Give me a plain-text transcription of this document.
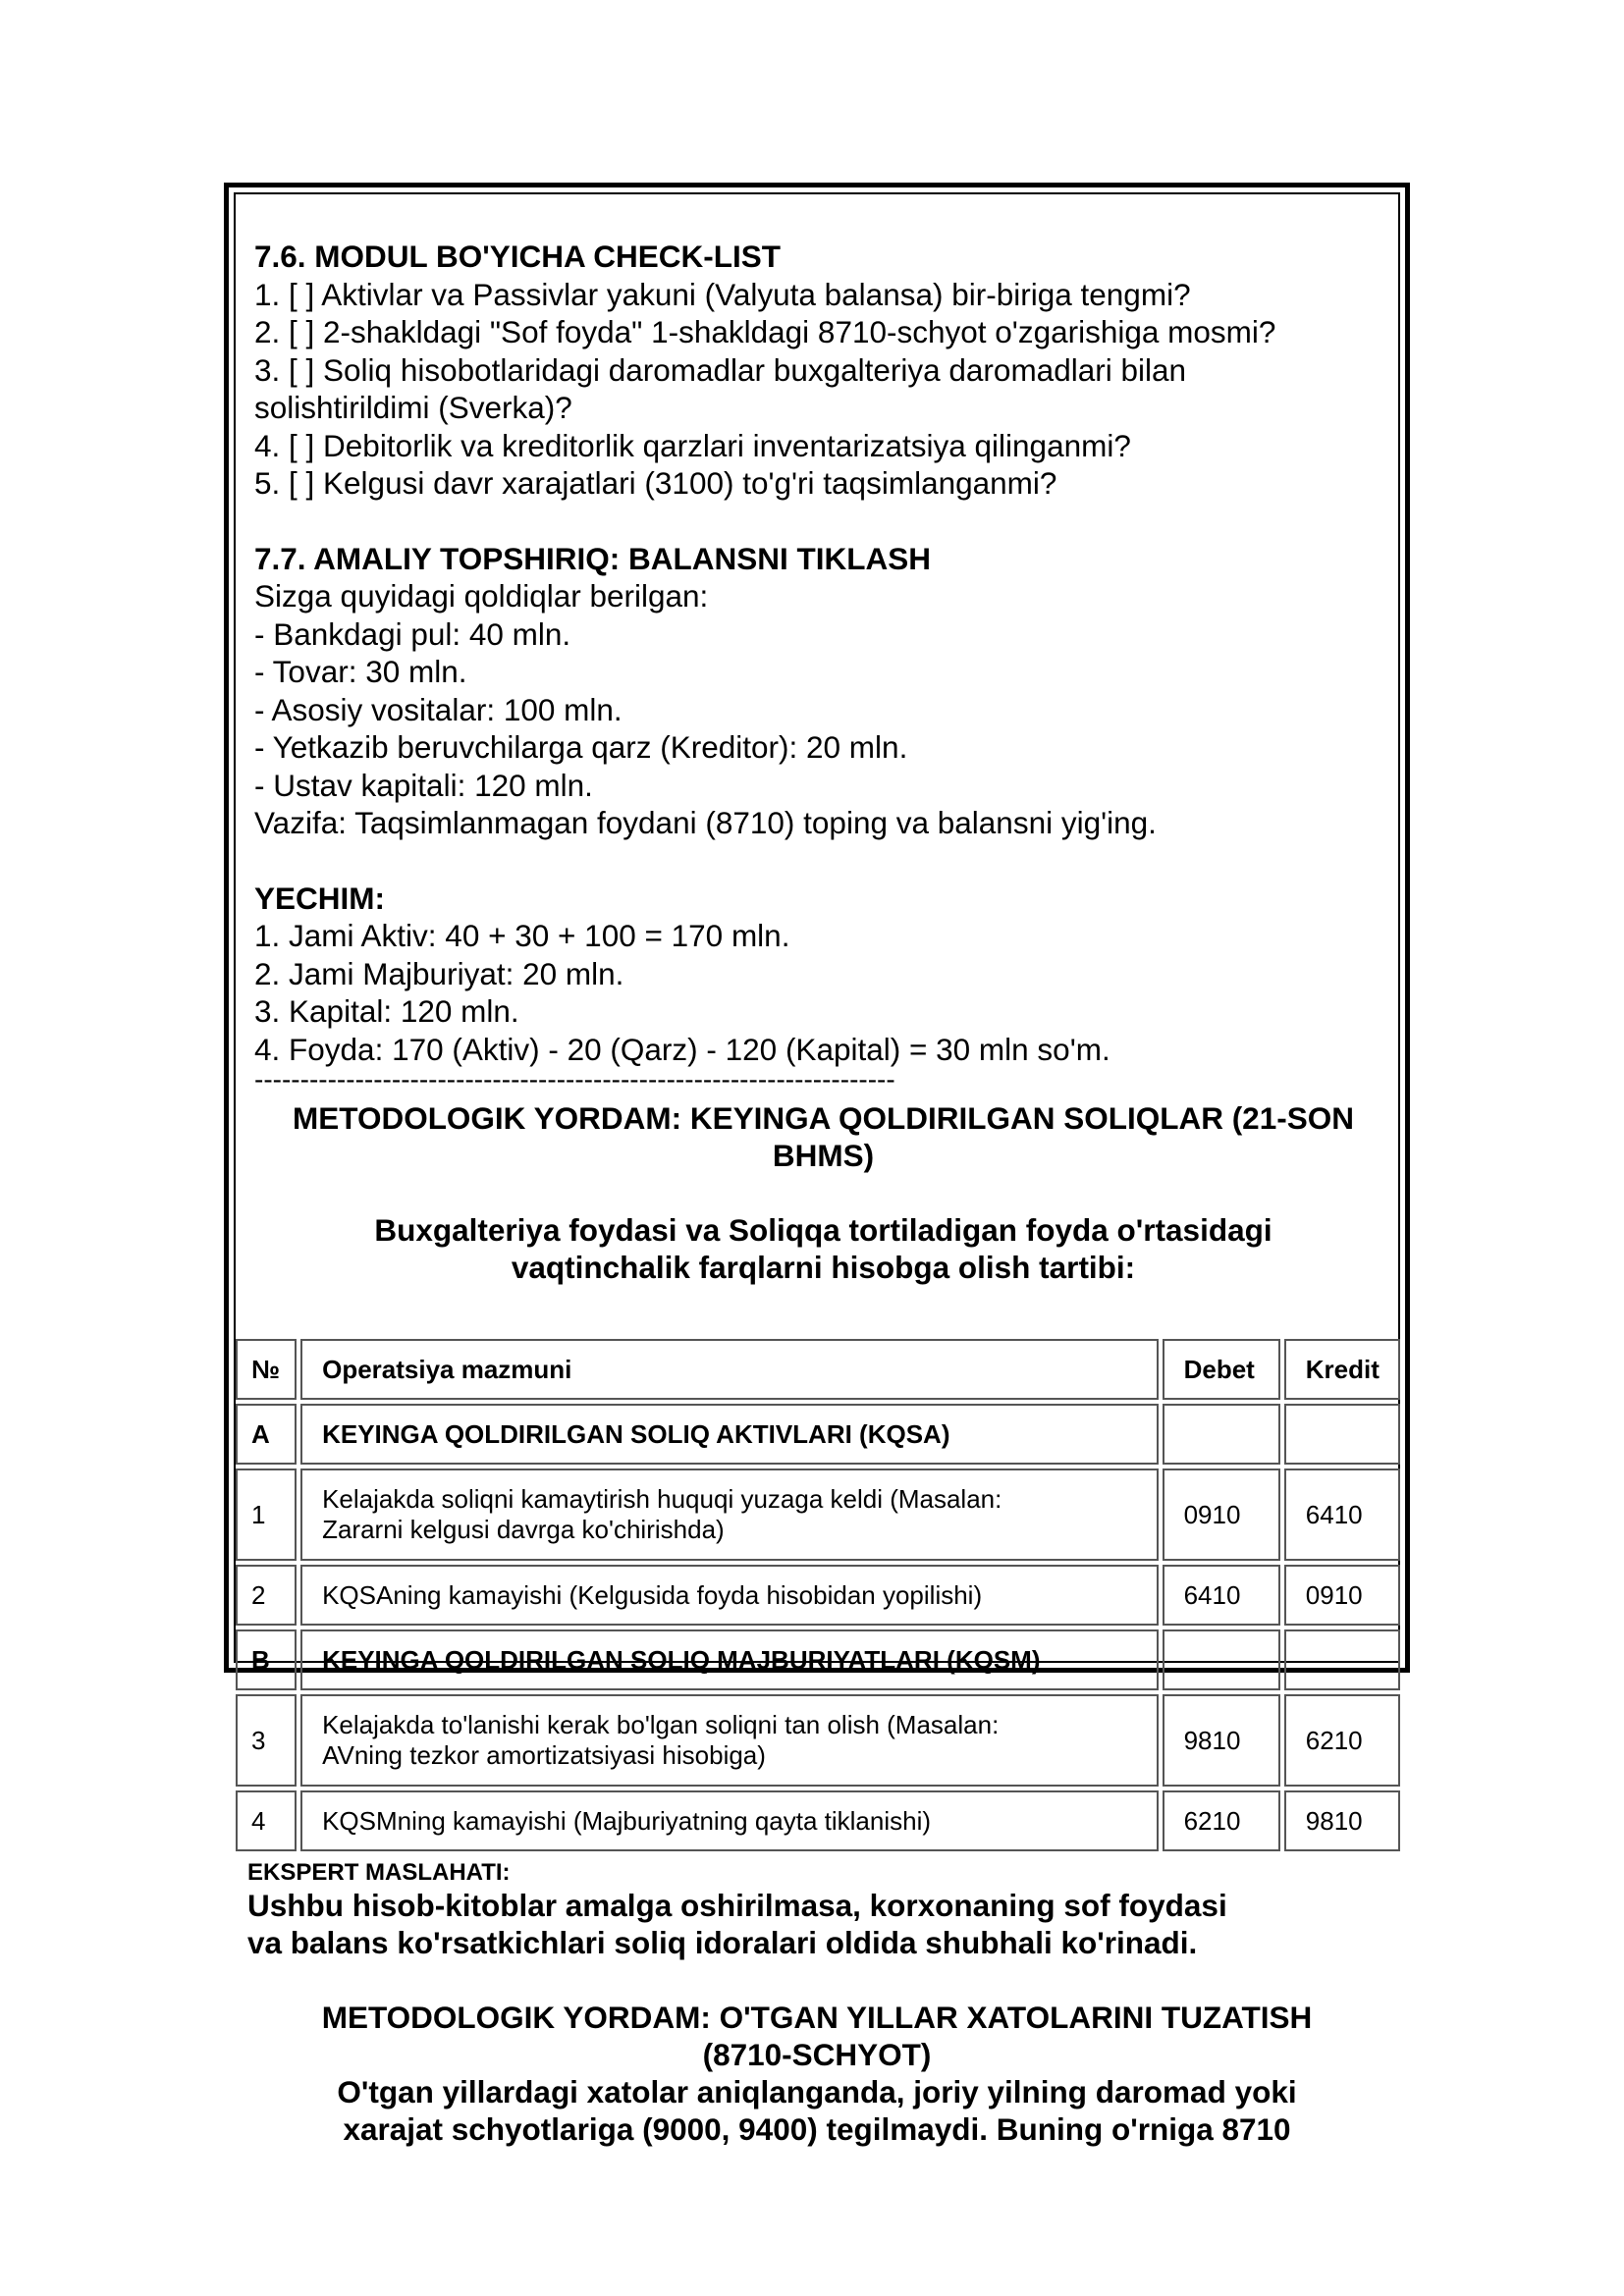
7.6. MODUL BO'YICHA CHECK-LIST
1. [ ] Aktivlar va Passivlar yakuni (Valyuta balansa) bir-biriga tengmi?
2. [ ] 2-shakldagi "Sof foyda" 1-shakldagi 8710-schyot o'zgarishiga mosmi?
3. [ ] Soliq hisobotlaridagi daromadlar buxgalteriya daromadlari bilan
solishtirildimi (Sverka)?
4. [ ] Debitorlik va kreditorlik qarzlari inventarizatsiya qilinganmi?
5. [ ] Kelgusi davr xarajatlari (3100) to'g'ri taqsimlanganmi?
7.7. AMALIY TOPSHIRIQ: BALANSNI TIKLASH
Sizga quyidagi qoldiqlar berilgan:
- Bankdagi pul: 40 mln.
- Tovar: 30 mln.
- Asosiy vositalar: 100 mln.
- Yetkazib beruvchilarga qarz (Kreditor): 20 mln.
- Ustav kapitali: 120 mln.
Vazifa: Taqsimlanmagan foydani (8710) toping va balansni yig'ing.
YECHIM:
1. Jami Aktiv: 40 + 30 + 100 = 170 mln.
2. Jami Majburiyat: 20 mln.
3. Kapital: 120 mln.
4. Foyda: 170 (Aktiv) - 20 (Qarz) - 120 (Kapital) = 30 mln so'm.
----------------------------------------------------------------------
METODOLOGIK YORDAM: KEYINGA QOLDIRILGAN SOLIQLAR (21-SON BHMS)
Buxgalteriya foydasi va Soliqqa tortiladigan foyda o'rtasidagi vaqtinchalik farqlarni hisobga olish tartibi:
№	Operatsiya mazmuni	Debet	Kredit
A	KEYINGA QOLDIRILGAN SOLIQ AKTIVLARI (KQSA)		
1	Kelajakda soliqni kamaytirish huquqi yuzaga keldi (Masalan:
Zararni kelgusi davrga ko'chirishda)	0910	6410
2	KQSAning kamayishi (Kelgusida foyda hisobidan yopilishi)	6410	0910
B	KEYINGA QOLDIRILGAN SOLIQ MAJBURIYATLARI (KQSM)		
3	Kelajakda to'lanishi kerak bo'lgan soliqni tan olish (Masalan:
AVning tezkor amortizatsiyasi hisobiga)	9810	6210
4	KQSMning kamayishi (Majburiyatning qayta tiklanishi)	6210	9810
EKSPERT MASLAHATI:
Ushbu hisob-kitoblar amalga oshirilmasa, korxonaning sof foydasi
va balans ko'rsatkichlari soliq idoralari oldida shubhali ko'rinadi.
METODOLOGIK YORDAM: O'TGAN YILLAR XATOLARINI TUZATISH
(8710-SCHYOT)
O'tgan yillardagi xatolar aniqlanganda, joriy yilning daromad yoki
xarajat schyotlariga (9000, 9400) tegilmaydi. Buning o'rniga 8710
